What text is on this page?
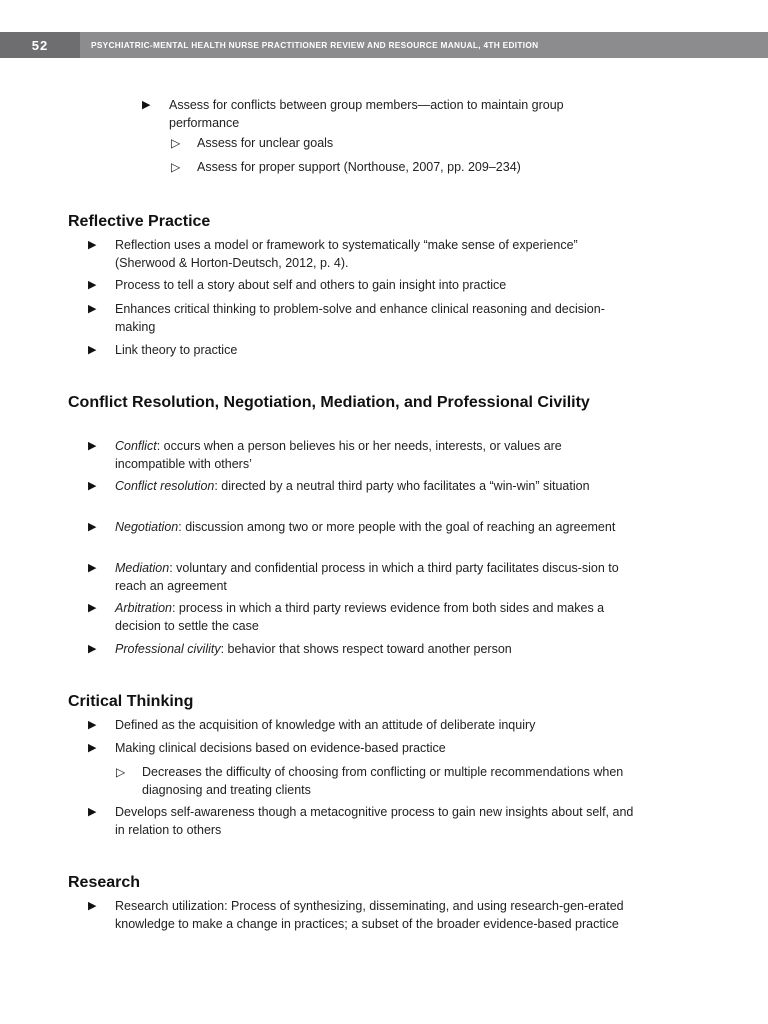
52	PSYCHIATRIC-MENTAL HEALTH NURSE PRACTITIONER REVIEW AND RESOURCE MANUAL, 4TH EDITION
▶ Assess for conflicts between group members—action to maintain group performance
▷ Assess for unclear goals
▷ Assess for proper support (Northouse, 2007, pp. 209–234)
Reflective Practice
▶ Reflection uses a model or framework to systematically “make sense of experience” (Sherwood & Horton-Deutsch, 2012, p. 4).
▶ Process to tell a story about self and others to gain insight into practice
▶ Enhances critical thinking to problem-solve and enhance clinical reasoning and decision-making
▶ Link theory to practice
Conflict Resolution, Negotiation, Mediation, and Professional Civility
▶ Conflict: occurs when a person believes his or her needs, interests, or values are incompatible with others’
▶ Conflict resolution: directed by a neutral third party who facilitates a “win-win” situation
▶ Negotiation: discussion among two or more people with the goal of reaching an agreement
▶ Mediation: voluntary and confidential process in which a third party facilitates discus-sion to reach an agreement
▶ Arbitration: process in which a third party reviews evidence from both sides and makes a decision to settle the case
▶ Professional civility: behavior that shows respect toward another person
Critical Thinking
▶ Defined as the acquisition of knowledge with an attitude of deliberate inquiry
▶ Making clinical decisions based on evidence-based practice
▷ Decreases the difficulty of choosing from conflicting or multiple recommendations when diagnosing and treating clients
▶ Develops self-awareness though a metacognitive process to gain new insights about self, and in relation to others
Research
▶ Research utilization: Process of synthesizing, disseminating, and using research-gen-erated knowledge to make a change in practices; a subset of the broader evidence-based practice
